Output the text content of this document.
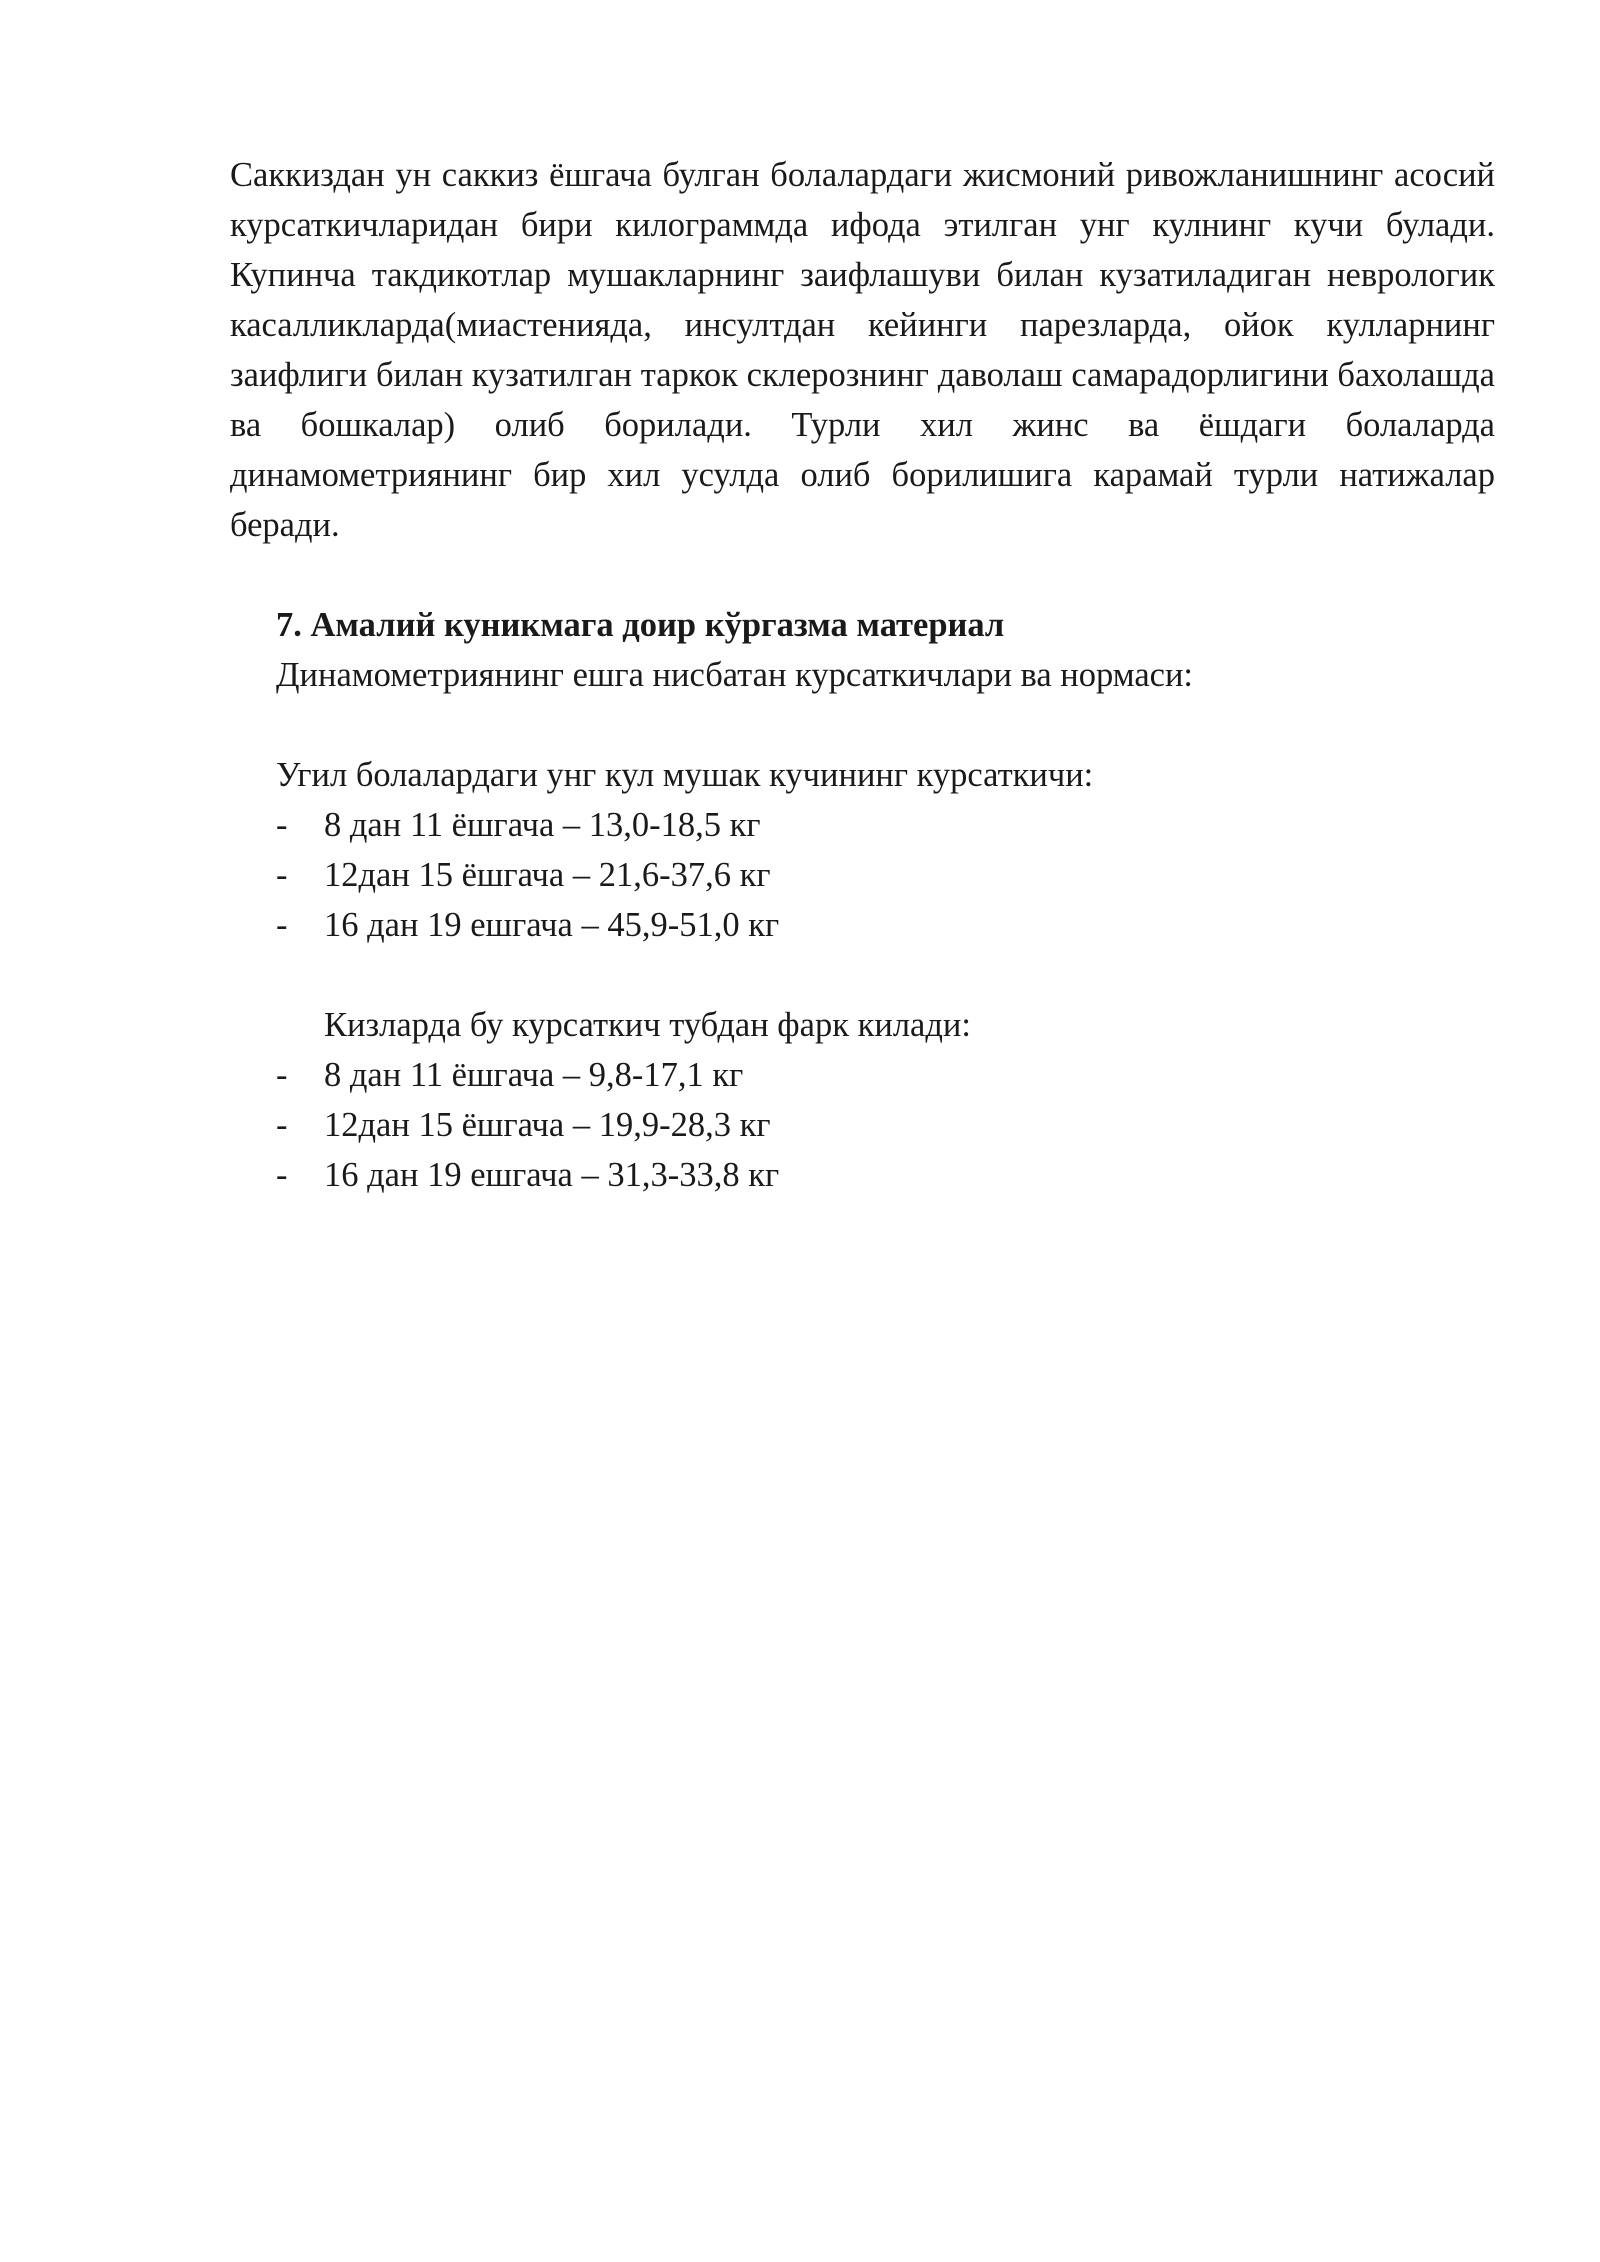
Саккиздан ун саккиз ёшгача булган болалардаги жисмоний ривожланишнинг асосий курсаткичларидан бири килограммда ифода этилган унг кулнинг кучи булади. Купинча такдикотлар мушакларнинг заифлашуви билан кузатиладиган неврологик касалликларда(миастенияда, инсултдан кейинги парезларда, ойок кулларнинг заифлиги билан кузатилган таркок склерознинг даволаш самарадорлигини бахолашда ва бошкалар) олиб борилади. Турли хил жинс ва ёшдаги болаларда динамометриянинг бир хил усулда олиб борилишига карамай турли натижалар беради.

7. Амалий куникмага доир кўргазма материал

Динамометриянинг ешга нисбатан курсаткичлари ва нормаси:

Угил болалардаги унг кул мушак кучининг курсаткичи:

- 8 дан 11 ёшгача – 13,0-18,5 кг
- 12дан 15 ёшгача – 21,6-37,6 кг
- 16 дан 19 ешгача – 45,9-51,0 кг

Кизларда бу курсаткич тубдан фарк килади:

- 8 дан 11 ёшгача – 9,8-17,1 кг
- 12дан 15 ёшгача – 19,9-28,3 кг
- 16 дан 19 ешгача – 31,3-33,8 кг
